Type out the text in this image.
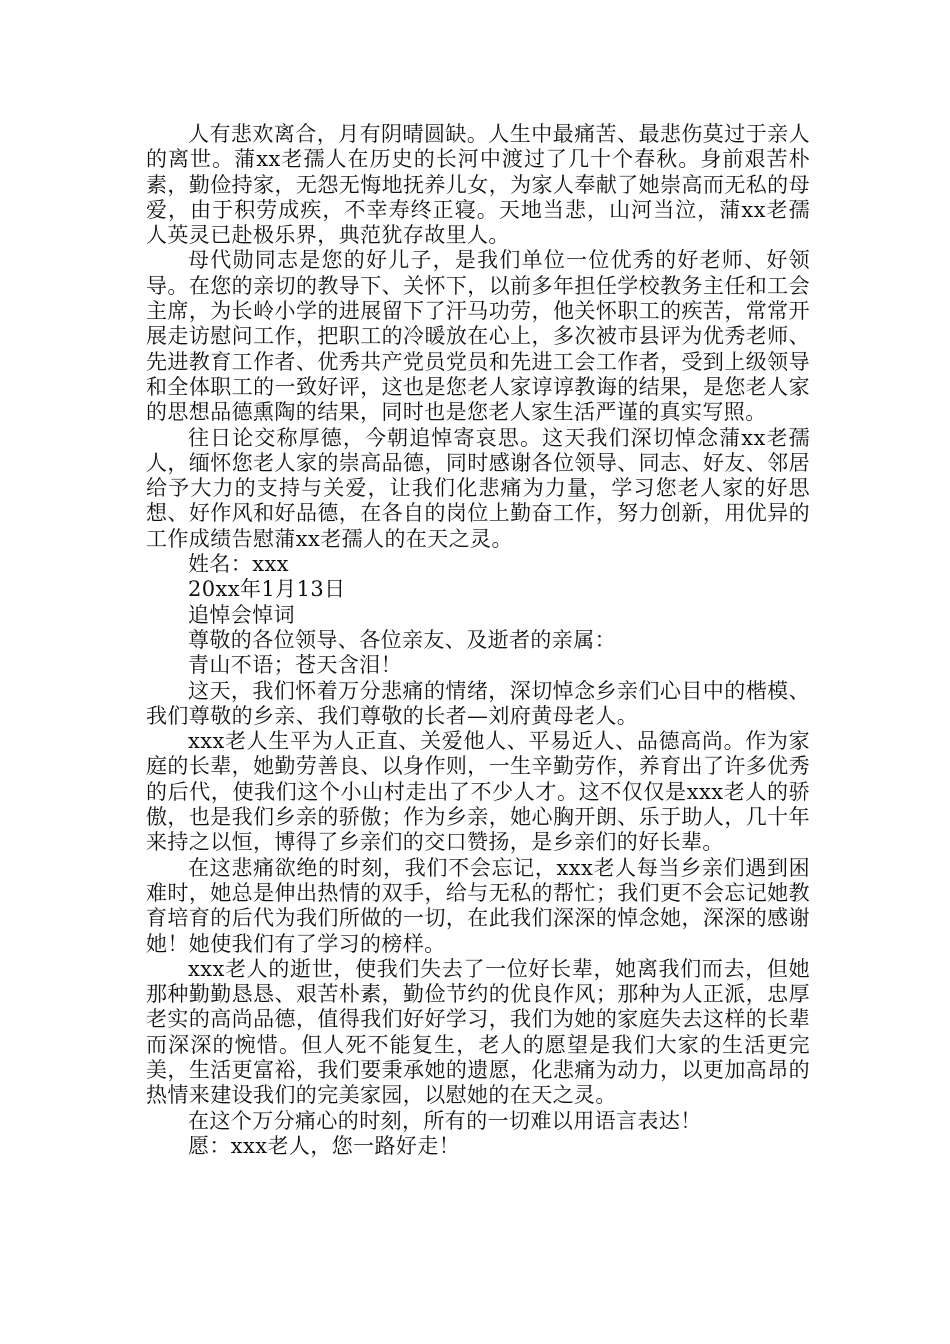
人有悲欢离合，月有阴晴圆缺。人生中最痛苦、最悲伤莫过于亲人的离世。蒲xx老孺人在历史的长河中渡过了几十个春秋。身前艰苦朴素，勤俭持家，无怨无悔地抚养儿女，为家人奉献了她崇高而无私的母爱，由于积劳成疾，不幸寿终正寝。天地当悲，山河当泣，蒲xx老孺人英灵已赴极乐界，典范犹存故里人。

母代勋同志是您的好儿子，是我们单位一位优秀的好老师、好领导。在您的亲切的教导下、关怀下，以前多年担任学校教务主任和工会主席，为长岭小学的进展留下了汗马功劳，他关怀职工的疾苦，常常开展走访慰问工作，把职工的冷暖放在心上，多次被市县评为优秀老师、先进教育工作者、优秀共产党员党员和先进工会工作者，受到上级领导和全体职工的一致好评，这也是您老人家谆谆教诲的结果，是您老人家的思想品德熏陶的结果，同时也是您老人家生活严谨的真实写照。

往日论交称厚德，今朝追悼寄哀思。这天我们深切悼念蒲xx老孺人，缅怀您老人家的崇高品德，同时感谢各位领导、同志、好友、邻居给予大力的支持与关爱，让我们化悲痛为力量，学习您老人家的好思想、好作风和好品德，在各自的岗位上勤奋工作，努力创新，用优异的工作成绩告慰蒲xx老孺人的在天之灵。

姓名：xxx

20xx年1月13日

追悼会悼词

尊敬的各位领导、各位亲友、及逝者的亲属：

青山不语；苍天含泪！

这天，我们怀着万分悲痛的情绪，深切悼念乡亲们心目中的楷模、我们尊敬的乡亲、我们尊敬的长者—刘府黄母老人。

xxx老人生平为人正直、关爱他人、平易近人、品德高尚。作为家庭的长辈，她勤劳善良、以身作则，一生辛勤劳作，养育出了许多优秀的后代，使我们这个小山村走出了不少人才。这不仅仅是xxx老人的骄傲，也是我们乡亲的骄傲；作为乡亲，她心胸开朗、乐于助人，几十年来持之以恒，博得了乡亲们的交口赞扬，是乡亲们的好长辈。

在这悲痛欲绝的时刻，我们不会忘记，xxx老人每当乡亲们遇到困难时，她总是伸出热情的双手，给与无私的帮忙；我们更不会忘记她教育培育的后代为我们所做的一切，在此我们深深的悼念她，深深的感谢她！她使我们有了学习的榜样。

xxx老人的逝世，使我们失去了一位好长辈，她离我们而去，但她那种勤勤恳恳、艰苦朴素，勤俭节约的优良作风；那种为人正派，忠厚老实的高尚品德，值得我们好好学习，我们为她的家庭失去这样的长辈而深深的惋惜。但人死不能复生，老人的愿望是我们大家的生活更完美，生活更富裕，我们要秉承她的遗愿，化悲痛为动力，以更加高昂的热情来建设我们的完美家园，以慰她的在天之灵。

在这个万分痛心的时刻，所有的一切难以用语言表达！

愿：xxx老人，您一路好走！
